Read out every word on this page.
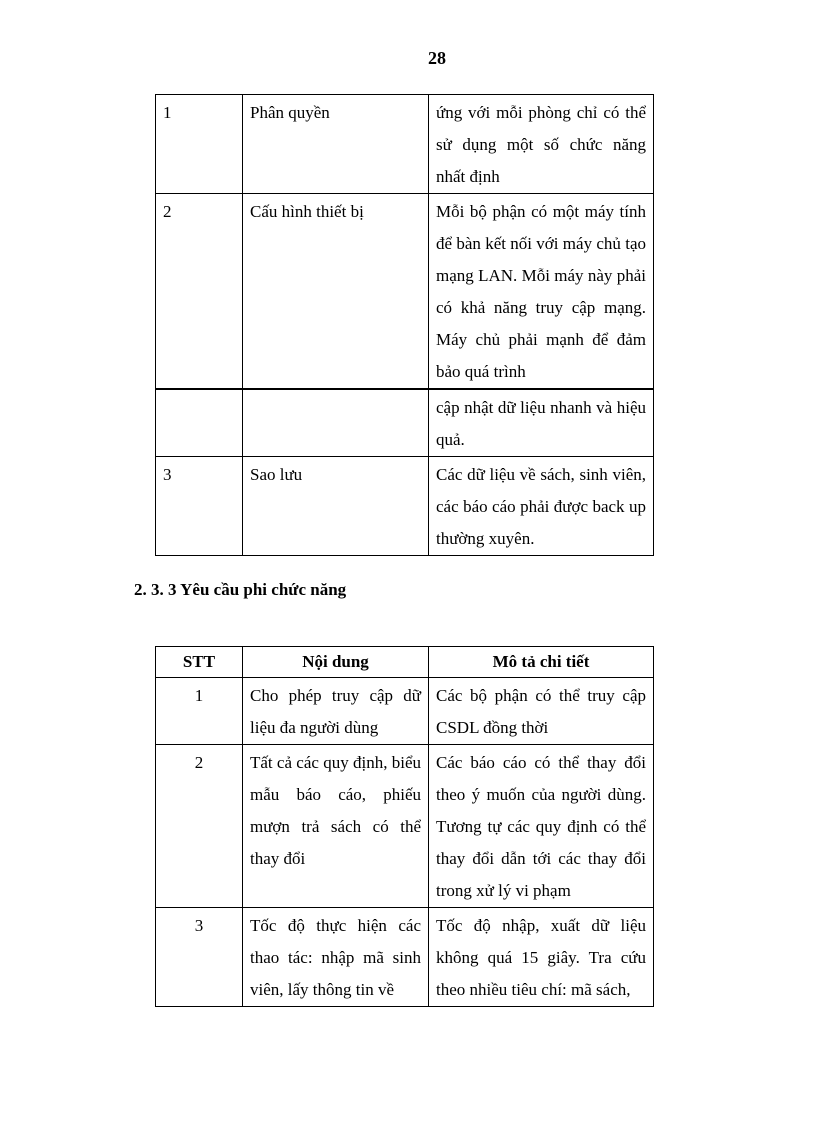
28
1	Phân quyền	ứng với mỗi phòng chỉ có thể sử dụng một số chức năng nhất định
2	Cấu hình thiết bị	Mỗi bộ phận có một máy tính để bàn kết nối với máy chủ tạo mạng LAN. Mỗi máy này phải có khả năng truy cập mạng. Máy chủ phải mạnh để đảm bảo quá trình
		cập nhật dữ liệu nhanh và hiệu quả.
3	Sao lưu	Các dữ liệu về sách, sinh viên, các báo cáo phải được back up thường xuyên.
2. 3. 3 Yêu cầu phi chức năng
STT	Nội dung	Mô tả chi tiết
1	Cho phép truy cập dữ liệu đa người dùng	Các bộ phận có thể truy cập CSDL đồng thời
2	Tất cả các quy định, biểu mẫu báo cáo, phiếu mượn trả sách có thể thay đổi	Các báo cáo có thể thay đổi theo ý muốn của người dùng. Tương tự các quy định có thể thay đổi dẫn tới các thay đổi trong xử lý vi phạm
3	Tốc độ thực hiện các thao tác: nhập mã sinh viên, lấy thông tin về	Tốc độ nhập, xuất dữ liệu không quá 15 giây. Tra cứu theo nhiều tiêu chí: mã sách,
